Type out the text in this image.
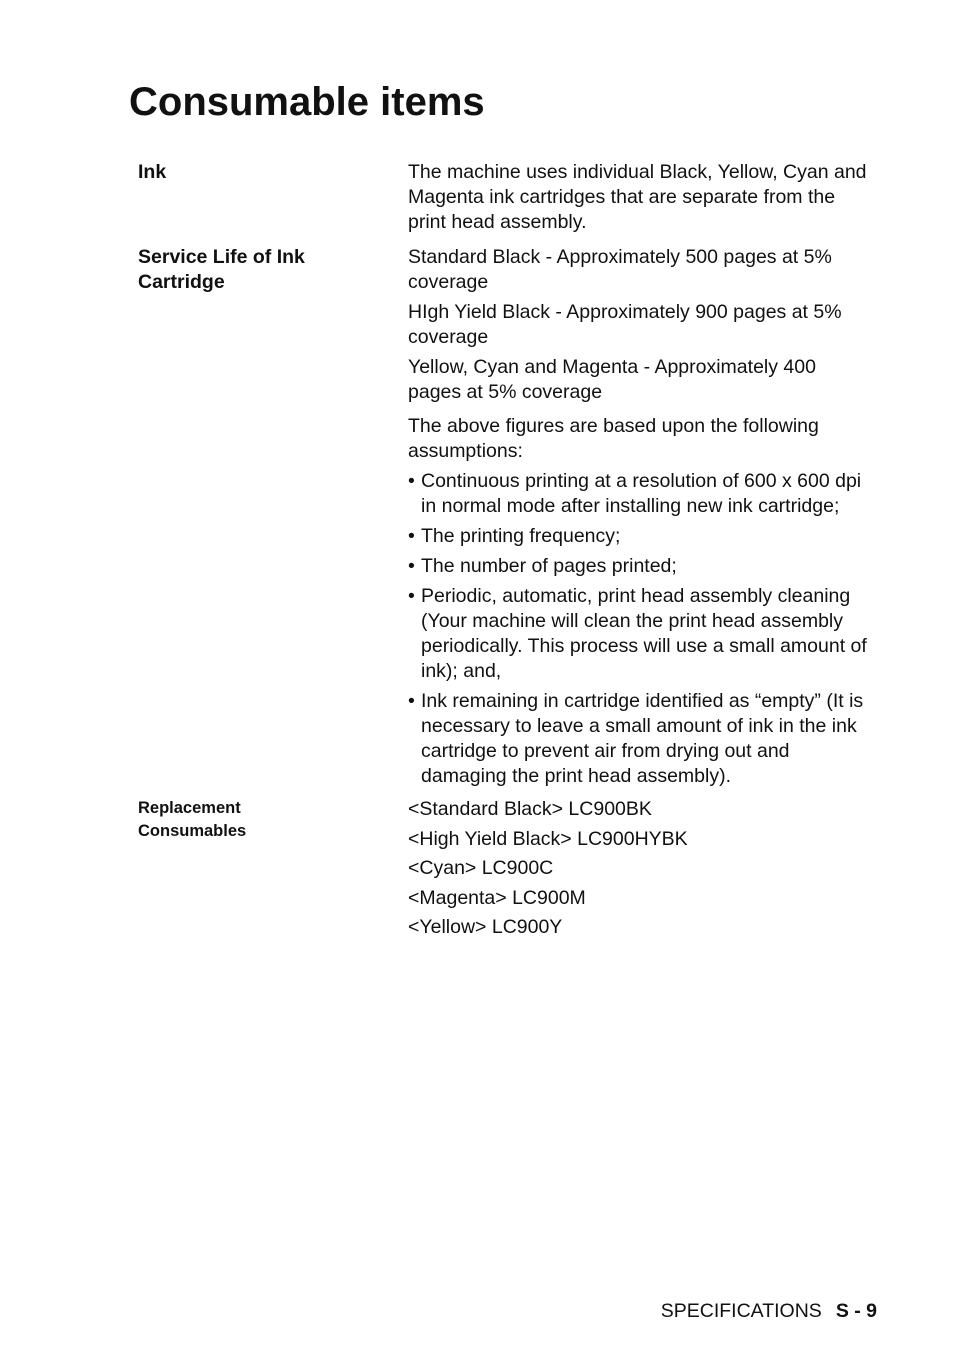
Consumable items
Ink	The machine uses individual Black, Yellow, Cyan and Magenta ink cartridges that are separate from the print head assembly.

Service Life of Ink
Cartridge

Standard Black - Approximately 500 pages at 5% coverage

HIgh Yield Black - Approximately 900 pages at 5% coverage

Yellow, Cyan and Magenta - Approximately 400 pages at 5% coverage

The above figures are based upon the following assumptions:

• Continuous printing at a resolution of 600 x 600 dpi in normal mode after installing new ink cartridge;
• The printing frequency;
• The number of pages printed;
• Periodic, automatic, print head assembly cleaning (Your machine will clean the print head assembly periodically. This process will use a small amount of ink); and,
• Ink remaining in cartridge identified as “empty” (It is necessary to leave a small amount of ink in the ink cartridge to prevent air from drying out and damaging the print head assembly).
Replacement
Consumables
<Standard Black> LC900BK
<High Yield Black> LC900HYBK
<Cyan> LC900C
<Magenta> LC900M
<Yellow> LC900Y
SPECIFICATIONS S - 9
